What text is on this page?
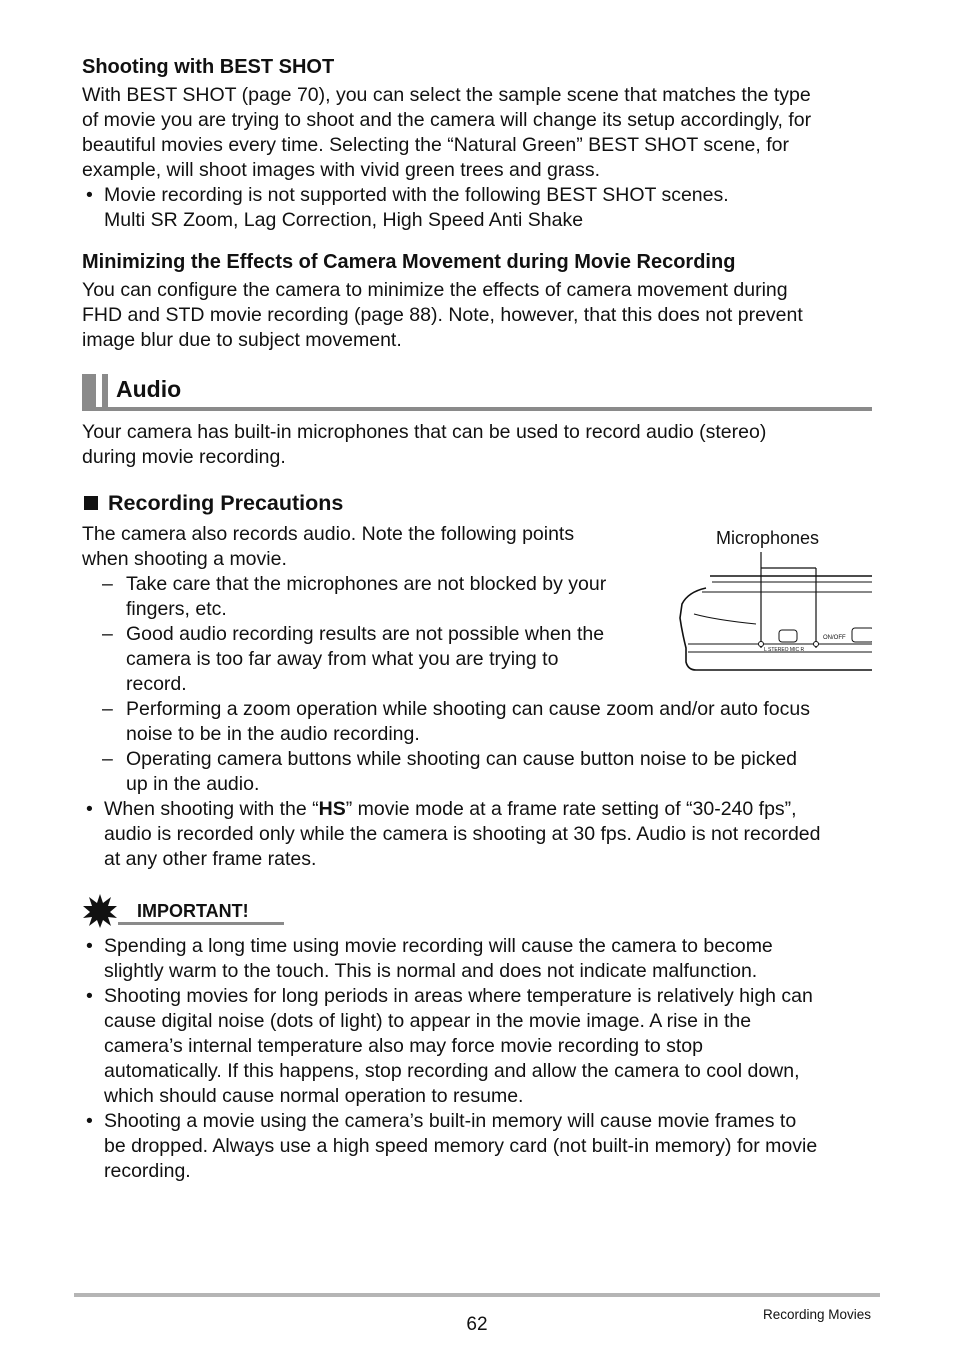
Shooting with BEST SHOT

With BEST SHOT (page 70), you can select the sample scene that matches the type

of movie you are trying to shoot and the camera will change its setup accordingly, for

beautiful movies every time. Selecting the “Natural Green” BEST SHOT scene, for

example, will shoot images with vivid green trees and grass.

• Movie recording is not supported with the following BEST SHOT scenes.

Multi SR Zoom, Lag Correction, High Speed Anti Shake

Minimizing the Effects of Camera Movement during Movie Recording

You can configure the camera to minimize the effects of camera movement during

FHD and STD movie recording (page 88). Note, however, that this does not prevent

image blur due to subject movement.

Audio

Your camera has built-in microphones that can be used to record audio (stereo)

during movie recording.

Recording Precautions

The camera also records audio. Note the following points

when shooting a movie.

– Take care that the microphones are not blocked by your

fingers, etc.

– Good audio recording results are not possible when the

camera is too far away from what you are trying to

record.

– Performing a zoom operation while shooting can cause zoom and/or auto focus

noise to be in the audio recording.

– Operating camera buttons while shooting can cause button noise to be picked

up in the audio.

• When shooting with the “HS” movie mode at a frame rate setting of “30-240 fps”,

audio is recorded only while the camera is shooting at 30 fps. Audio is not recorded

at any other frame rates.

Microphones
L STEREO MIC R
ON/OFF
IMPORTANT!

• Spending a long time using movie recording will cause the camera to become

slightly warm to the touch. This is normal and does not indicate malfunction.

• Shooting movies for long periods in areas where temperature is relatively high can

cause digital noise (dots of light) to appear in the movie image. A rise in the

camera’s internal temperature also may force movie recording to stop

automatically. If this happens, stop recording and allow the camera to cool down,

which should cause normal operation to resume.

• Shooting a movie using the camera’s built-in memory will cause movie frames to

be dropped. Always use a high speed memory card (not built-in memory) for movie

recording.

62	Recording Movies
